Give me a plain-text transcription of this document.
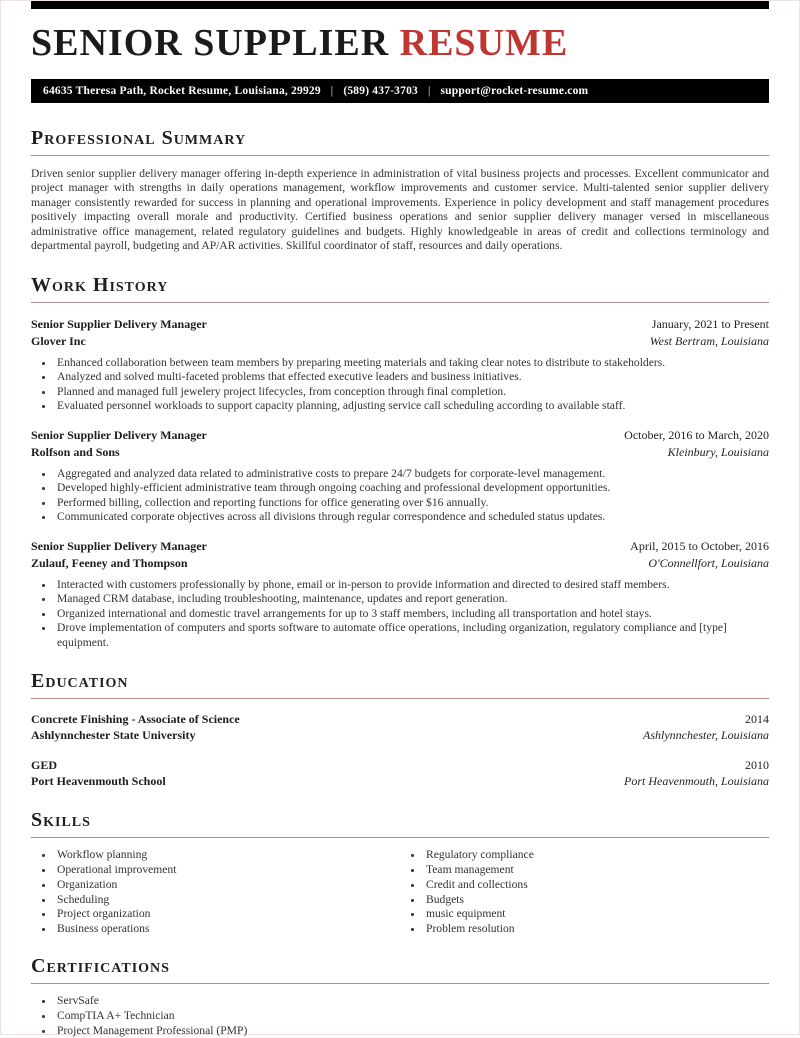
SENIOR SUPPLIER RESUME
64635 Theresa Path, Rocket Resume, Louisiana, 29929 | (589) 437-3703 | support@rocket-resume.com
Professional Summary

Driven senior supplier delivery manager offering in-depth experience in administration of vital business projects and processes. Excellent communicator and project manager with strengths in daily operations management, workflow improvements and customer service. Multi-talented senior supplier delivery manager consistently rewarded for success in planning and operational improvements. Experience in policy development and staff management procedures positively impacting overall morale and productivity. Certified business operations and senior supplier delivery manager versed in miscellaneous administrative office management, related regulatory guidelines and budgets. Highly knowledgeable in areas of credit and collections terminology and departmental payroll, budgeting and AP/AR activities. Skillful coordinator of staff, resources and daily operations.

Work History
Senior Supplier Delivery Manager	January, 2021 to Present
Glover Inc	West Bertram, Louisiana
• Enhanced collaboration between team members by preparing meeting materials and taking clear notes to distribute to stakeholders.
• Analyzed and solved multi-faceted problems that effected executive leaders and business initiatives.
• Planned and managed full jewelery project lifecycles, from conception through final completion.
• Evaluated personnel workloads to support capacity planning, adjusting service call scheduling according to available staff.
Senior Supplier Delivery Manager	October, 2016 to March, 2020
Rolfson and Sons	Kleinbury, Louisiana
• Aggregated and analyzed data related to administrative costs to prepare 24/7 budgets for corporate-level management.
• Developed highly-efficient administrative team through ongoing coaching and professional development opportunities.
• Performed billing, collection and reporting functions for office generating over $16 annually.
• Communicated corporate objectives across all divisions through regular correspondence and scheduled status updates.
Senior Supplier Delivery Manager	April, 2015 to October, 2016
Zulauf, Feeney and Thompson	O'Connellfort, Louisiana
• Interacted with customers professionally by phone, email or in-person to provide information and directed to desired staff members.
• Managed CRM database, including troubleshooting, maintenance, updates and report generation.
• Organized international and domestic travel arrangements for up to 3 staff members, including all transportation and hotel stays.
• Drove implementation of computers and sports software to automate office operations, including organization, regulatory compliance and [type] equipment.
Education
Concrete Finishing - Associate of Science	2014
Ashlynnchester State University	Ashlynnchester, Louisiana
GED	2010
Port Heavenmouth School	Port Heavenmouth, Louisiana
Skills
• Workflow planning
• Operational improvement
• Organization
• Scheduling
• Project organization
• Business operations
• Regulatory compliance
• Team management
• Credit and collections
• Budgets
• music equipment
• Problem resolution
Certifications
• ServSafe
• CompTIA A+ Technician
• Project Management Professional (PMP)
